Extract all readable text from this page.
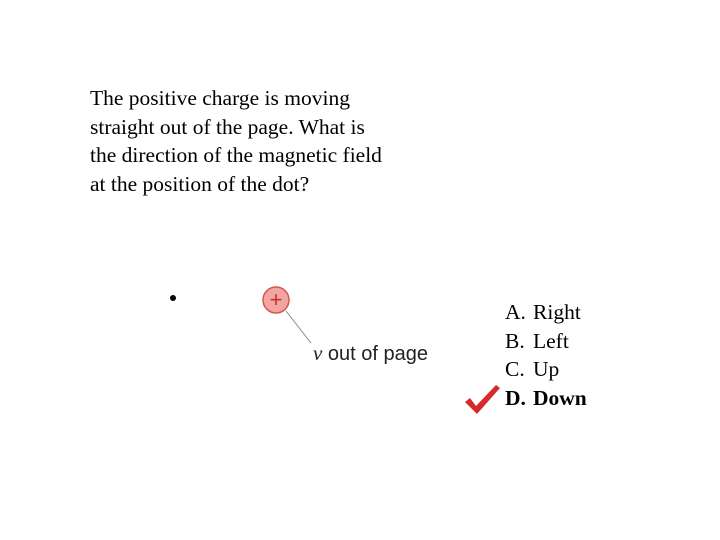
The positive charge is moving
straight out of the page. What is
the direction of the magnetic field
at the position of the dot?
+
v out of page
A. Right
B. Left
C. Up
D. Down
